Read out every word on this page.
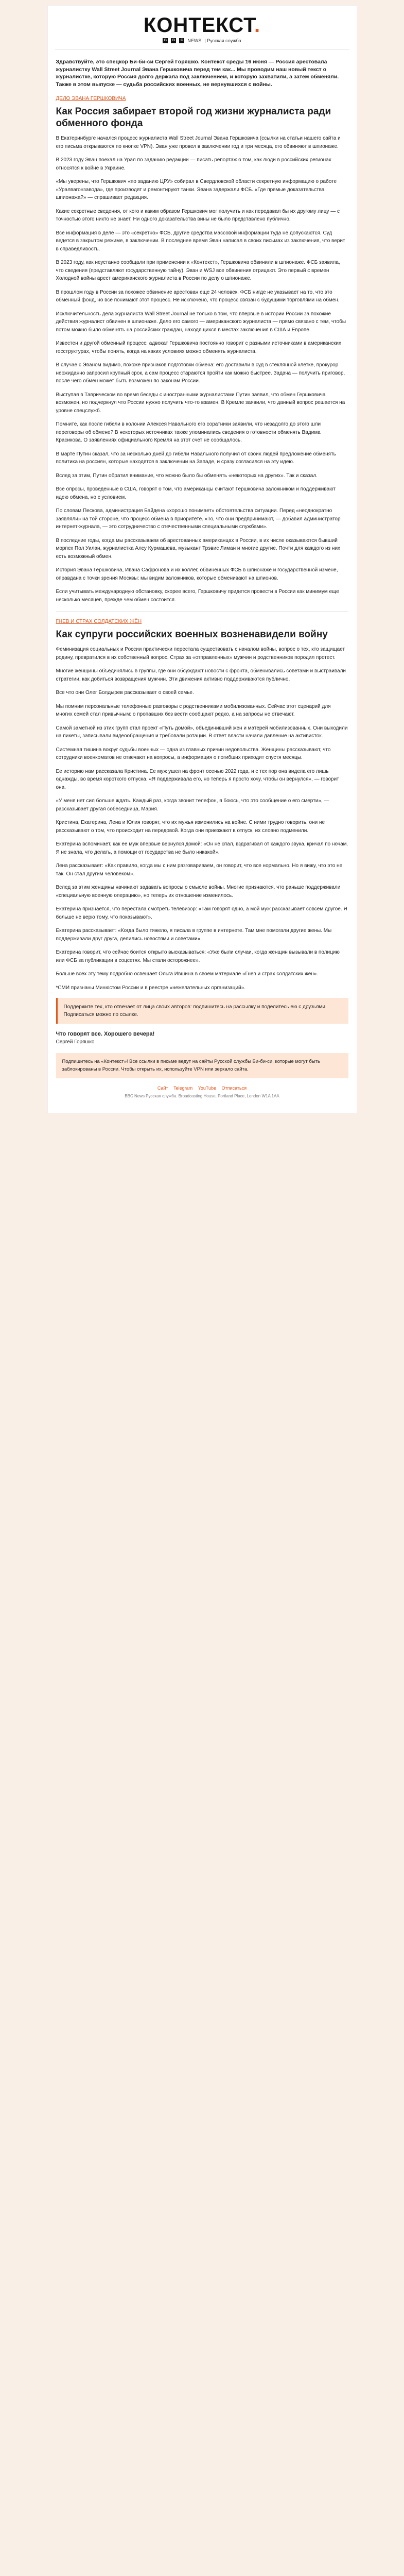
КОНТЕКСТ.
B	B	C NEWS | Русская служба

Здравствуйте, это спецкор Би-би-си Сергей Горяшко. Контекст среды 16 июня — Россия арестовала журналистку Wall Street Journal Эвана Гершковича перед тем как... Мы проводим наш новый текст о журналистке, которую Россия долго держала под заключением, и которую захватили, а затем обменяли. Также в этом выпуске — судьба российских военных, не вернувшихся с войны.

ДЕЛО ЭВАНА ГЕРШКОВИЧА
Как Россия забирает второй год жизни журналиста ради обменного фонда

В Екатеринбурге начался процесс журналиста Wall Street Journal Эвана Гершковича (ссылки на статьи нашего сайта и его письма открываются по кнопке VPN). Эван уже провел в заключении год и три месяца, его обвиняют в шпионаже.

В 2023 году Эван поехал на Урал по заданию редакции — писать репортаж о том, как люди в российских регионах относятся к войне в Украине.

«Мы уверены, что Гершкович «по заданию ЦРУ» собирал в Свердловской области секретную информацию о работе «Уралвагонзавода», где производят и ремонтируют танки. Эвана задержали ФСБ. «Где прямые доказательства шпионажа?» — спрашивает редакция.

Какие секретные сведения, от кого и каким образом Гершкович мог получить и как передавал бы их другому лицу — с точностью этого никто не знает. Ни одного доказательства вины не было представлено публично.

Все информация в деле — это «секретно» ФСБ, другие средства массовой информации туда не допускаются. Суд ведется в закрытом режиме, в заключении. В последнее время Эван написал в своих письмах из заключения, что верит в справедливость.

В 2023 году, как неустанно сообщали при применении к «Контекст», Гершковича обвинили в шпионаже. ФСБ заявила, что сведения (представляют государственную тайну). Эван и WSJ все обвинения отрицают. Это первый с времен Холодной войны арест американского журналиста в России по делу о шпионаже.

В прошлом году в России за похожее обвинение арестован еще 24 человек. ФСБ нигде не указывает на то, что это обменный фонд, но все понимают этот процесс. Не исключено, что процесс связан с будущими торговлями на обмен.

Исключительность дела журналиста Wall Street Journal не только в том, что впервые в истории России за похожие действия журналист обвинен в шпионаже. Дело его самого — американского журналиста — прямо связано с тем, чтобы потом можно было обменять на российских граждан, находящихся в местах заключения в США и Европе.

Известен и другой обменный процесс: адвокат Гершковича постоянно говорит с разными источниками в американских госструктурах, чтобы понять, когда на каких условиях можно обменять журналиста.

В случае с Эваном видимо, похоже признаков подготовки обмена: его доставили в суд в стеклянной клетке, прокурор неожиданно запросил крупный срок, а сам процесс стараются пройти как можно быстрее. Задача — получить приговор, после чего обмен может быть возможен по законам России.

Выступая в Таврическом во время беседы с иностранными журналистами Путин заявил, что обмен Гершковича возможен, но подчеркнул что России нужно получить что-то взамен. В Кремле заявили, что данный вопрос решается на уровне спецслужб.

Помните, как после гибели в колонии Алексея Навального его соратники заявили, что незадолго до этого шли переговоры об обмене? В некоторых источниках также упоминались сведения о готовности обменять Вадима Красикова. О заявлениях официального Кремля на этот счет не сообщалось.

В марте Путин сказал, что за несколько дней до гибели Навального получил от своих людей предложение обменять политика на россиян, которые находятся в заключении на Западе, и сразу согласился на эту идею.

Вслед за этим, Путин обратил внимание, что можно было бы обменять «некоторых на других». Так и сказал.

Все опросы, проведенные в США, говорят о том, что американцы считают Гершковича заложником и поддерживают идею обмена, но с условием.

По словам Пескова, администрация Байдена «хорошо понимает» обстоятельства ситуации. Перед «неоднократно заявляли» на той стороне, что процесс обмена в приоритете. «То, что они предпринимают, — добавил администратор интернет-журнала, — это сотрудничество с отечественными специальными службами».

В последние годы, когда мы рассказываем об арестованных американцах в России, в их числе оказываются бывший морпех Пол Уилан, журналистка Алсу Курмашева, музыкант Трэвис Лиман и многие другие. Почти для каждого из них есть возможный обмен.

История Эвана Гершковича, Ивана Сафронова и их коллег, обвиненных ФСБ в шпионаже и государственной измене, оправдана с точки зрения Москвы: мы видим заложников, которые обменивают на шпионов.

Если учитывать международную обстановку, скорее всего, Гершковичу придется провести в России как минимум еще несколько месяцев, прежде чем обмен состоится.

ГНЕВ И СТРАХ СОЛДАТСКИХ ЖЁН
Как супруги российских военных возненавидели войну

Феминизация социальных и России практически перестала существовать с началом войны, вопрос о тех, кто защищает родину, превратился в их собственный вопрос. Страх за «отправленных» мужчин и родственников породил протест.

Многие женщины объединялись в группы, где они обсуждают новости с фронта, обменивались советами и выстраивали стратегии, как добиться возвращения мужчин. Эти движения активно поддерживаются публично.

Все что они Олег Болдырев рассказывает о своей семье.

Мы помним персональные телефонные разговоры с родственниками мобилизованных. Сейчас этот сценарий для многих семей стал привычным: о пропавших без вести сообщают редко, а на запросы не отвечают.

Самой заметной из этих групп стал проект «Путь домой», объединивший жен и матерей мобилизованных. Они выходили на пикеты, записывали видеообращения и требовали ротации. В ответ власти начали давление на активисток.

Системная тишина вокруг судьбы военных — одна из главных причин недовольства. Женщины рассказывают, что сотрудники военкоматов не отвечают на вопросы, а информация о погибших приходит спустя месяцы.

Ее историю нам рассказала Кристина. Ее муж ушел на фронт осенью 2022 года, и с тех пор она видела его лишь однажды, во время короткого отпуска. «Я поддерживала его, но теперь я просто хочу, чтобы он вернулся», — говорит она.

«У меня нет сил больше ждать. Каждый раз, когда звонит телефон, я боюсь, что это сообщение о его смерти», — рассказывает другая собеседница, Мария.

Кристина, Екатерина, Лена и Юлия говорят, что их мужья изменились на войне. С ними трудно говорить, они не рассказывают о том, что происходит на передовой. Когда они приезжают в отпуск, их словно подменили.

Екатерина вспоминает, как ее муж впервые вернулся домой: «Он не спал, вздрагивал от каждого звука, кричал по ночам. Я не знала, что делать, а помощи от государства не было никакой».

Лена рассказывает: «Как правило, когда мы с ним разговариваем, он говорит, что все нормально. Но я вижу, что это не так. Он стал другим человеком».

Вслед за этим женщины начинают задавать вопросы о смысле войны. Многие признаются, что раньше поддерживали «специальную военную операцию», но теперь их отношение изменилось.

Екатерина признается, что перестала смотреть телевизор: «Там говорят одно, а мой муж рассказывает совсем другое. Я больше не верю тому, что показывают».

Екатерина рассказывает: «Когда было тяжело, я писала в группе в интернете. Там мне помогали другие жены. Мы поддерживали друг друга, делились новостями и советами».

Екатерина говорит, что сейчас боится открыто высказываться: «Уже были случаи, когда женщин вызывали в полицию или ФСБ за публикации в соцсетях. Мы стали осторожнее».

Больше всех эту тему подробно освещает Ольга Ившина в своем материале «Гнев и страх солдатских жен».

*СМИ признаны Минюстом России и в реестре «нежелательных организаций».

Поддержите тех, кто отвечает от лица своих авторов: подпишитесь на рассылку и поделитесь ею с друзьями. Подписаться можно по ссылке.
Что говорят все. Хорошего вечера!
Сергей Горяшко
Подпишитесь на «Контекст»! Все ссылки в письме ведут на сайты Русской службы Би-би-си, которые могут быть заблокированы в России. Чтобы открыть их, используйте VPN или зеркало сайта.
Сайт Telegram YouTube Отписаться
BBC News Русская служба. Broadcasting House, Portland Place, London W1A 1AA
